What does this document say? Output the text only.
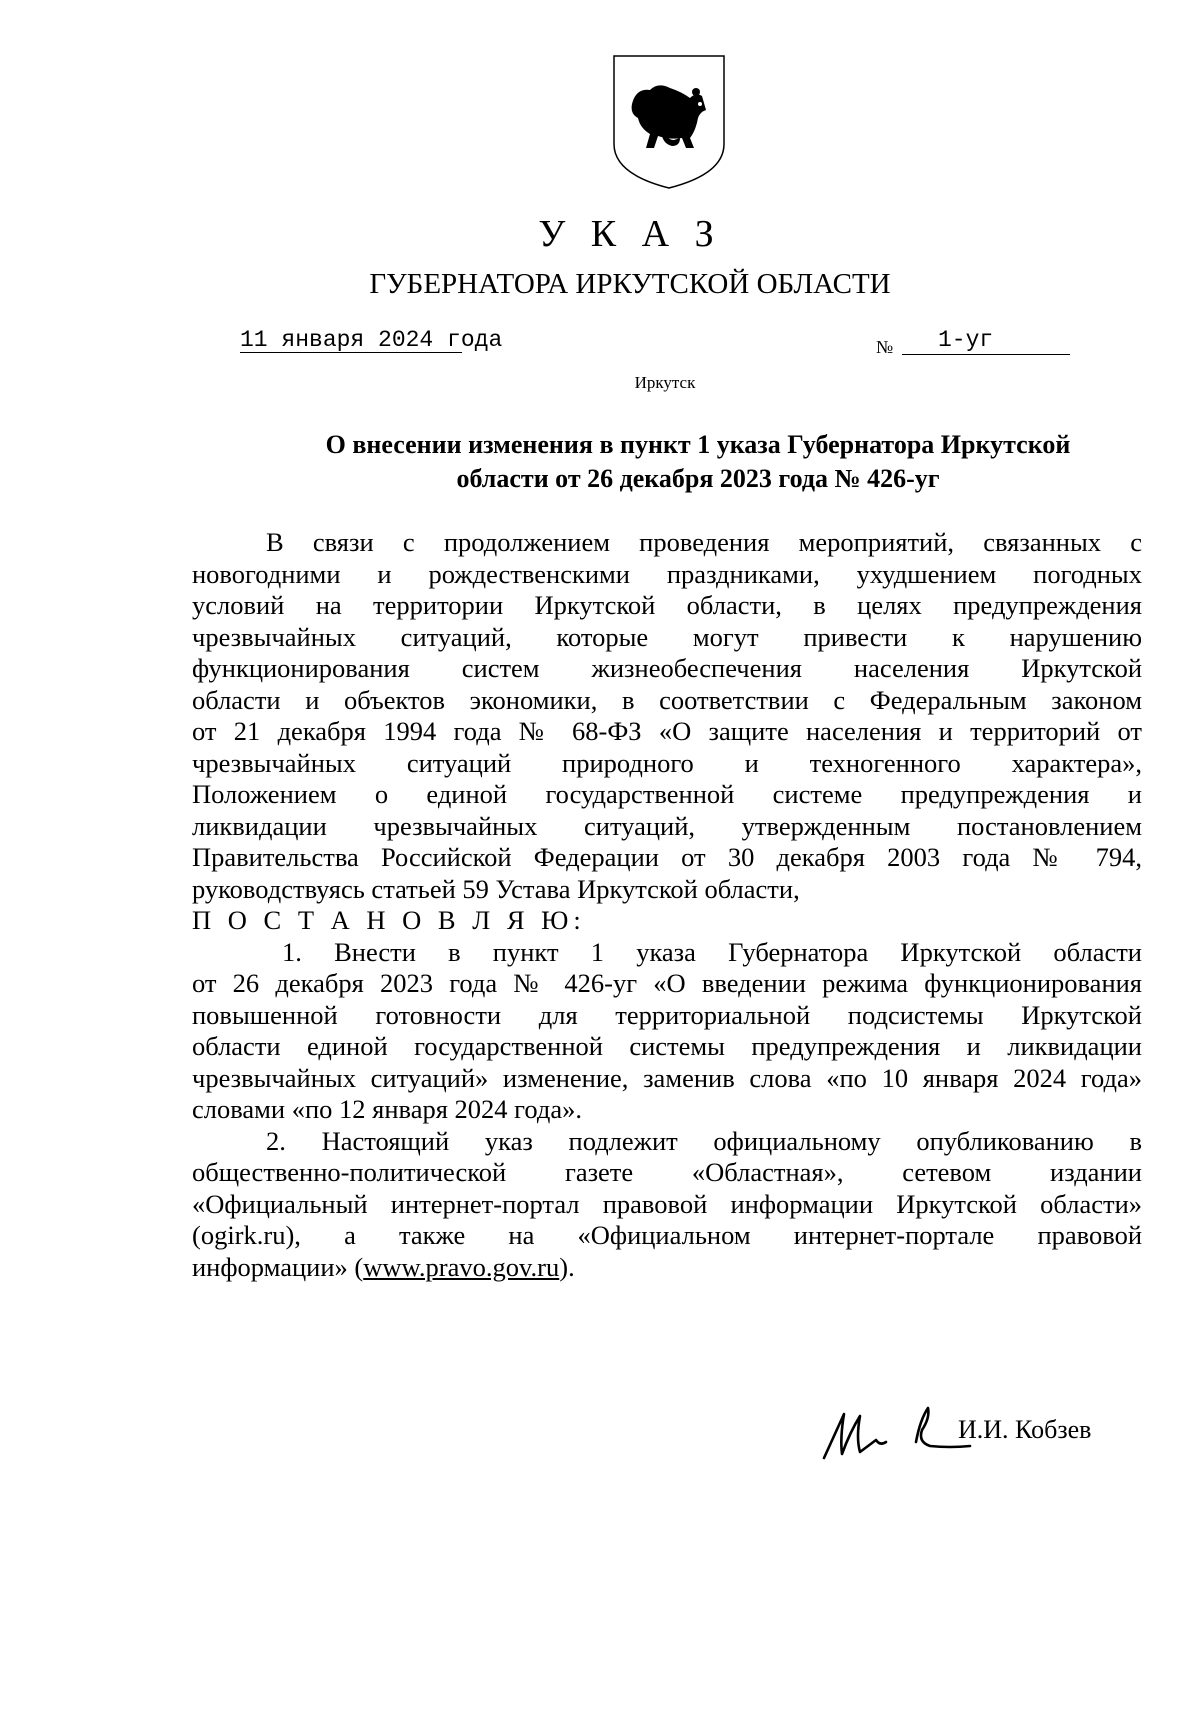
У К А З
ГУБЕРНАТОРА ИРКУТСКОЙ ОБЛАСТИ
11 января 2024 года	№ 1-уг
Иркутск
О внесении изменения в пункт 1 указа Губернатора Иркутской
области от 26 декабря 2023 года № 426-уг
В связи с продолжением проведения мероприятий, связанных с
новогодними и рождественскими праздниками, ухудшением погодных
условий на территории Иркутской области, в целях предупреждения
чрезвычайных ситуаций, которые могут привести к нарушению
функционирования систем жизнеобеспечения населения Иркутской
области и объектов экономики, в соответствии с Федеральным законом
от 21 декабря 1994 года № 68-ФЗ «О защите населения и территорий от
чрезвычайных ситуаций природного и техногенного характера»,
Положением о единой государственной системе предупреждения и
ликвидации чрезвычайных ситуаций, утвержденным постановлением
Правительства Российской Федерации от 30 декабря 2003 года № 794,
руководствуясь статьей 59 Устава Иркутской области,
П О С Т А Н О В Л Я Ю:
1. Внести в пункт 1 указа Губернатора Иркутской области
от 26 декабря 2023 года № 426-уг «О введении режима функционирования
повышенной готовности для территориальной подсистемы Иркутской
области единой государственной системы предупреждения и ликвидации
чрезвычайных ситуаций» изменение, заменив слова «по 10 января 2024 года»
словами «по 12 января 2024 года».
2. Настоящий указ подлежит официальному опубликованию в
общественно-политической газете «Областная», сетевом издании
«Официальный интернет-портал правовой информации Иркутской области»
(ogirk.ru), а также на «Официальном интернет-портале правовой
информации» (www.pravo.gov.ru).
И.И. Кобзев
